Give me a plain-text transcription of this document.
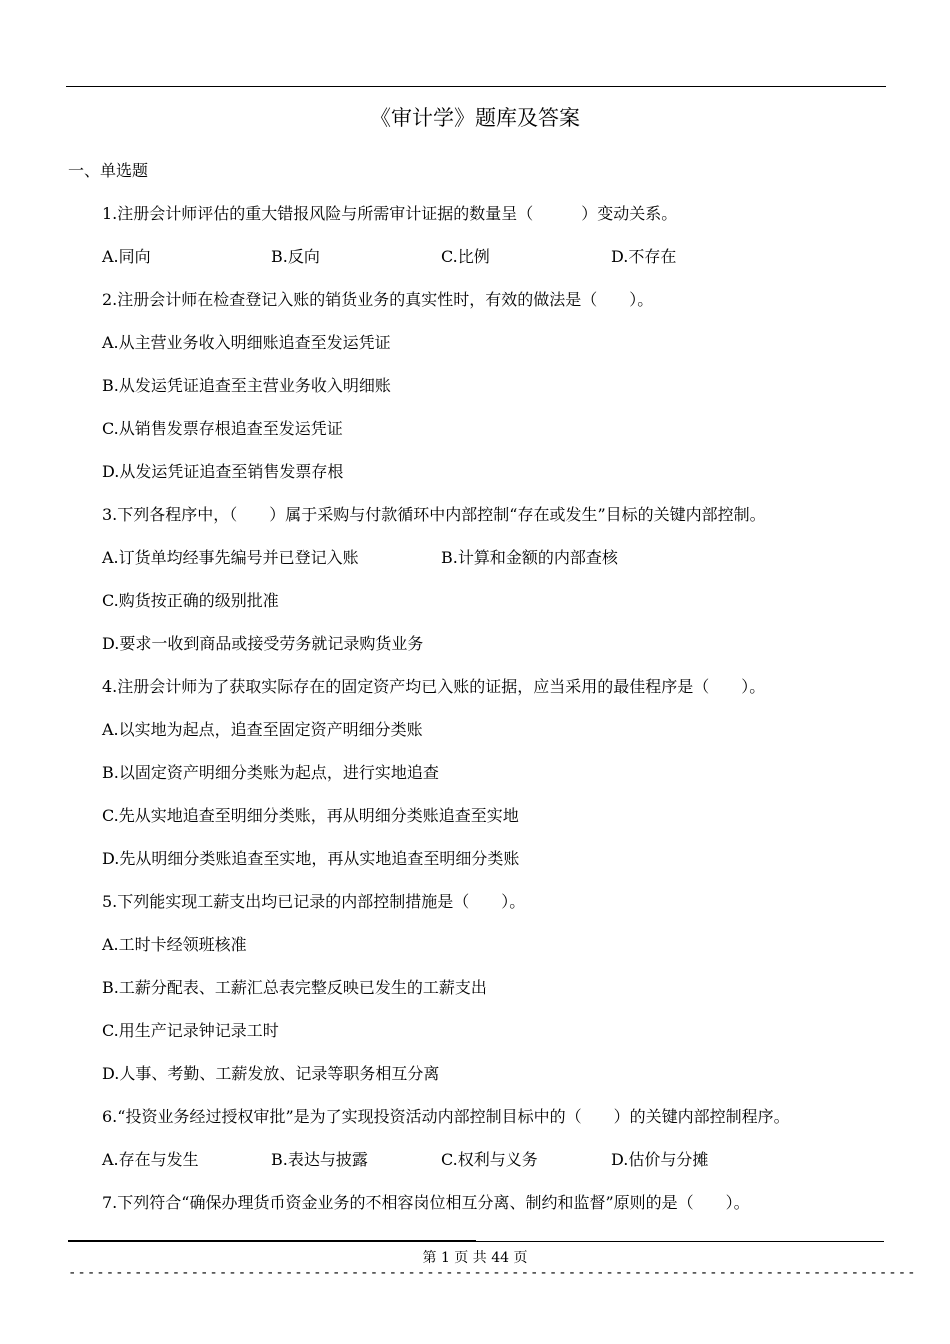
《审计学》题库及答案
一、单选题
1.注册会计师评估的重大错报风险与所需审计证据的数量呈（　　　）变动关系。
A.同向	B.反向	C.比例	D.不存在
2.注册会计师在检查登记入账的销货业务的真实性时，有效的做法是（　　）。
A.从主营业务收入明细账追查至发运凭证
B.从发运凭证追查至主营业务收入明细账
C.从销售发票存根追查至发运凭证
D.从发运凭证追查至销售发票存根
3.下列各程序中，（　　）属于采购与付款循环中内部控制“存在或发生”目标的关键内部控制。
A.订货单均经事先编号并已登记入账	B.计算和金额的内部查核
C.购货按正确的级别批准
D.要求一收到商品或接受劳务就记录购货业务
4.注册会计师为了获取实际存在的固定资产均已入账的证据，应当采用的最佳程序是（　　）。
A.以实地为起点，追查至固定资产明细分类账
B.以固定资产明细分类账为起点，进行实地追查
C.先从实地追查至明细分类账，再从明细分类账追查至实地
D.先从明细分类账追查至实地，再从实地追查至明细分类账
5.下列能实现工薪支出均已记录的内部控制措施是（　　）。
A.工时卡经领班核准
B.工薪分配表、工薪汇总表完整反映已发生的工薪支出
C.用生产记录钟记录工时
D.人事、考勤、工薪发放、记录等职务相互分离
6.“投资业务经过授权审批”是为了实现投资活动内部控制目标中的（　　）的关键内部控制程序。
A.存在与发生	B.表达与披露	C.权利与义务	D.估价与分摊
7.下列符合“确保办理货币资金业务的不相容岗位相互分离、制约和监督”原则的是（　　）。
第 1 页 共 44 页
------------------------------------------------------------------------------------------
